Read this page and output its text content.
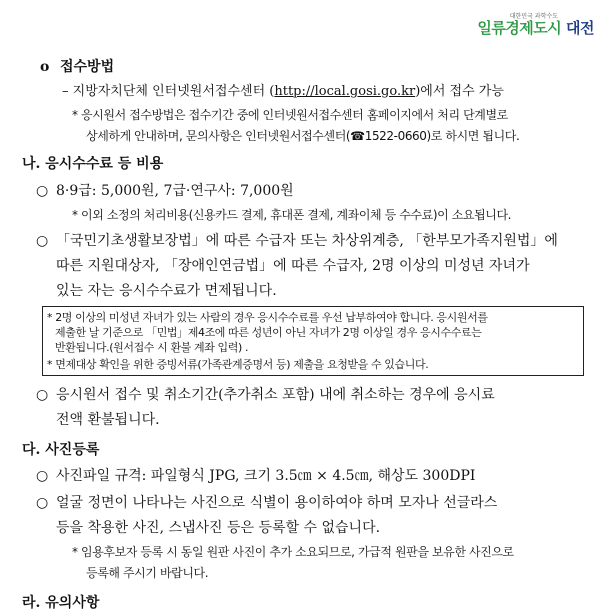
대한민국 과학수도
일류경제도시 대전
o 접수방법
– 지방자치단체 인터넷원서접수센터 (http://local.gosi.go.kr)에서 접수 가능
* 응시원서 접수방법은 접수기간 중에 인터넷원서접수센터 홈페이지에서 처리 단계별로
상세하게 안내하며, 문의사항은 인터넷원서접수센터(☎1522-0660)로 하시면 됩니다.
나. 응시수수료 등 비용
○ 8·9급: 5,000원, 7급·연구사: 7,000원
* 이외 소정의 처리비용(신용카드 결제, 휴대폰 결제, 계좌이체 등 수수료)이 소요됩니다.
○ 「국민기초생활보장법」에 따른 수급자 또는 차상위계층, 「한부모가족지원법」에
따른 지원대상자, 「장애인연금법」에 따른 수급자, 2명 이상의 미성년 자녀가
있는 자는 응시수수료가 면제됩니다.
* 2명 이상의 미성년 자녀가 있는 사람의 경우 응시수수료를 우선 납부하여야 합니다. 응시원서를
제출한 날 기준으로 「민법」제4조에 따른 성년이 아닌 자녀가 2명 이상일 경우 응시수수료는
반환됩니다.(원서접수 시 환불 계좌 입력) .
* 면제대상 확인을 위한 증빙서류(가족관계증명서 등) 제출을 요청받을 수 있습니다.
○ 응시원서 접수 및 취소기간(추가취소 포함) 내에 취소하는 경우에 응시료
전액 환불됩니다.
다. 사진등록
○ 사진파일 규격: 파일형식 JPG, 크기 3.5㎝ × 4.5㎝, 해상도 300DPI
○ 얼굴 정면이 나타나는 사진으로 식별이 용이하여야 하며 모자나 선글라스
등을 착용한 사진, 스냅사진 등은 등록할 수 없습니다.
* 임용후보자 등록 시 동일 원판 사진이 추가 소요되므로, 가급적 원판을 보유한 사진으로
등록해 주시기 바랍니다.
라. 유의사항
